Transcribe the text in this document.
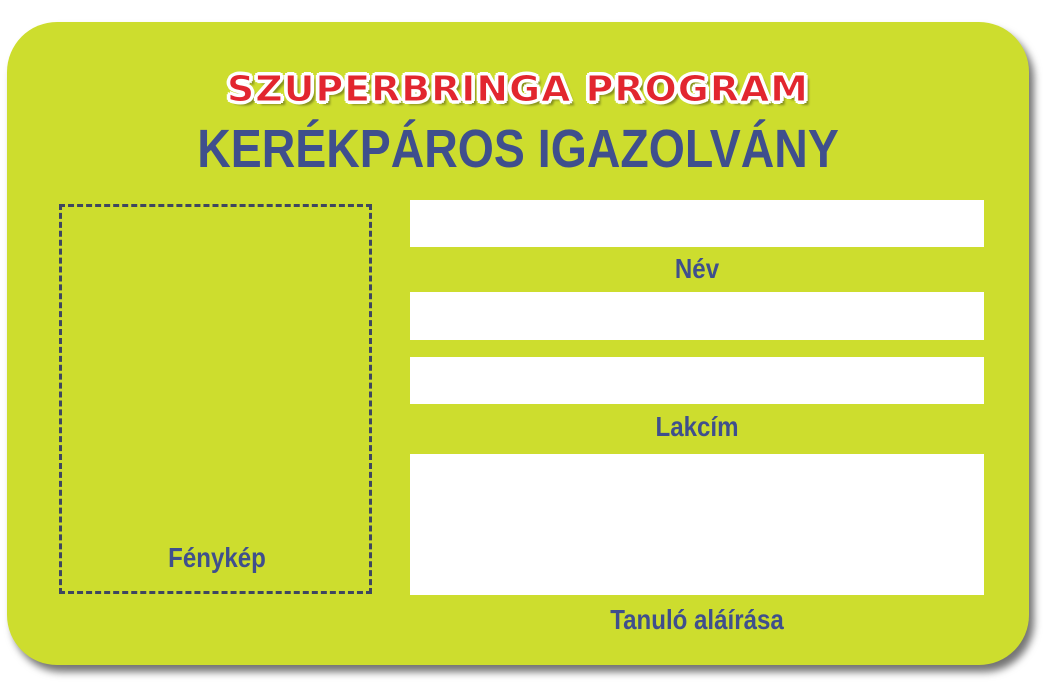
SZUPERBRINGA PROGRAM
KERÉKPÁROS IGAZOLVÁNY
Fénykép
Név
Lakcím
Tanuló aláírása
